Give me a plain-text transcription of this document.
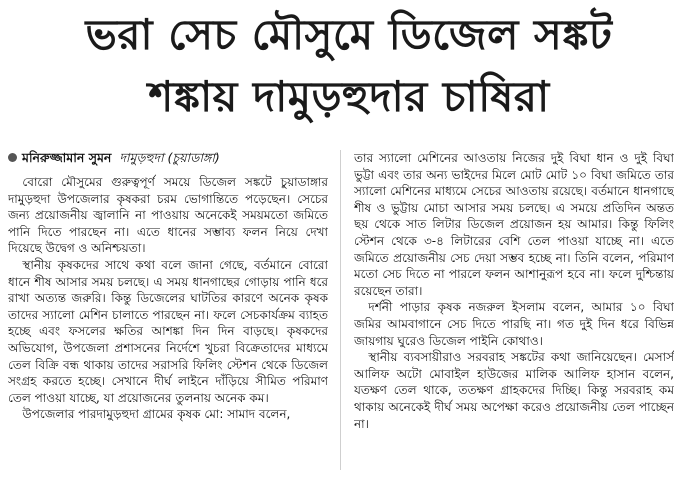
ভরা সেচ মৌসুমে ডিজেল সঙ্কট
শঙ্কায় দামুড়হুদার চাষিরা
মনিরুজ্জামান সুমন দামুড়হুদা (চুয়াডাঙ্গা)

বোরো মৌসুমের গুরুত্বপূর্ণ সময়ে ডিজেল সঙ্কটে চুয়াডাঙ্গার দামুড়হুদা উপজেলার কৃষকরা চরম ভোগান্তিতে পড়েছেন। সেচের জন্য প্রয়োজনীয় জ্বালানি না পাওয়ায় অনেকেই সময়মতো জমিতে পানি দিতে পারছেন না। এতে ধানের সম্ভাব্য ফলন নিয়ে দেখা দিয়েছে উদ্বেগ ও অনিশ্চয়তা।

স্থানীয় কৃষকদের সাথে কথা বলে জানা গেছে, বর্তমানে বোরো ধানে শীষ আসার সময় চলছে। এ সময় ধানগাছের গোড়ায় পানি ধরে রাখা অত্যন্ত জরুরি। কিন্তু ডিজেলের ঘাটতির কারণে অনেক কৃষক তাদের স্যালো মেশিন চালাতে পারছেন না। ফলে সেচকার্যক্রম ব্যাহত হচ্ছে এবং ফসলের ক্ষতির আশঙ্কা দিন দিন বাড়ছে। কৃষকদের অভিযোগ, উপজেলা প্রশাসনের নির্দেশে খুচরা বিক্রেতাদের মাধ্যমে তেল বিক্রি বন্ধ থাকায় তাদের সরাসরি ফিলিং স্টেশন থেকে ডিজেল সংগ্রহ করতে হচ্ছে। সেখানে দীর্ঘ লাইনে দাঁড়িয়ে সীমিত পরিমাণ তেল পাওয়া যাচ্ছে, যা প্রয়োজনের তুলনায় অনেক কম।

উপজেলার পারদামুড়হুদা গ্রামের কৃষক মো: সামাদ বলেন,

তার স্যালো মেশিনের আওতায় নিজের দুই বিঘা ধান ও দুই বিঘা ভুট্টা এবং তার অন্য ভাইদের মিলে মোট মোট ১০ বিঘা জমিতে তার স্যালো মেশিনের মাধ্যমে সেচের আওতায় রয়েছে। বর্তমানে ধানগাছে শীষ ও ভুট্টায় মোচা আসার সময় চলছে। এ সময়ে প্রতিদিন অন্তত ছয় থেকে সাত লিটার ডিজেল প্রয়োজন হয় আমার। কিন্তু ফিলিং স্টেশন থেকে ৩-৪ লিটারের বেশি তেল পাওয়া যাচ্ছে না। এতে জমিতে প্রয়োজনীয় সেচ দেয়া সম্ভব হচ্ছে না। তিনি বলেন, পরিমাণ মতো সেচ দিতে না পারলে ফলন আশানুরূপ হবে না। ফলে দুশ্চিন্তায় রয়েছেন তারা।

দর্শনী পাড়ার কৃষক নজরুল ইসলাম বলেন, আমার ১০ বিঘা জমির আমবাগানে সেচ দিতে পারছি না। গত দুই দিন ধরে বিভিন্ন জায়গায় ঘুরেও ডিজেল পাইনি কোথাও।

স্থানীয় ব্যবসায়ীরাও সরবরাহ সঙ্কটের কথা জানিয়েছেন। মেসার্স আলিফ অটো মোবাইল হাউজের মালিক আলিফ হাসান বলেন, যতক্ষণ তেল থাকে, ততক্ষণ গ্রাহকদের দিচ্ছি। কিন্তু সরবরাহ কম থাকায় অনেকেই দীর্ঘ সময় অপেক্ষা করেও প্রয়োজনীয় তেল পাচ্ছেন না।
